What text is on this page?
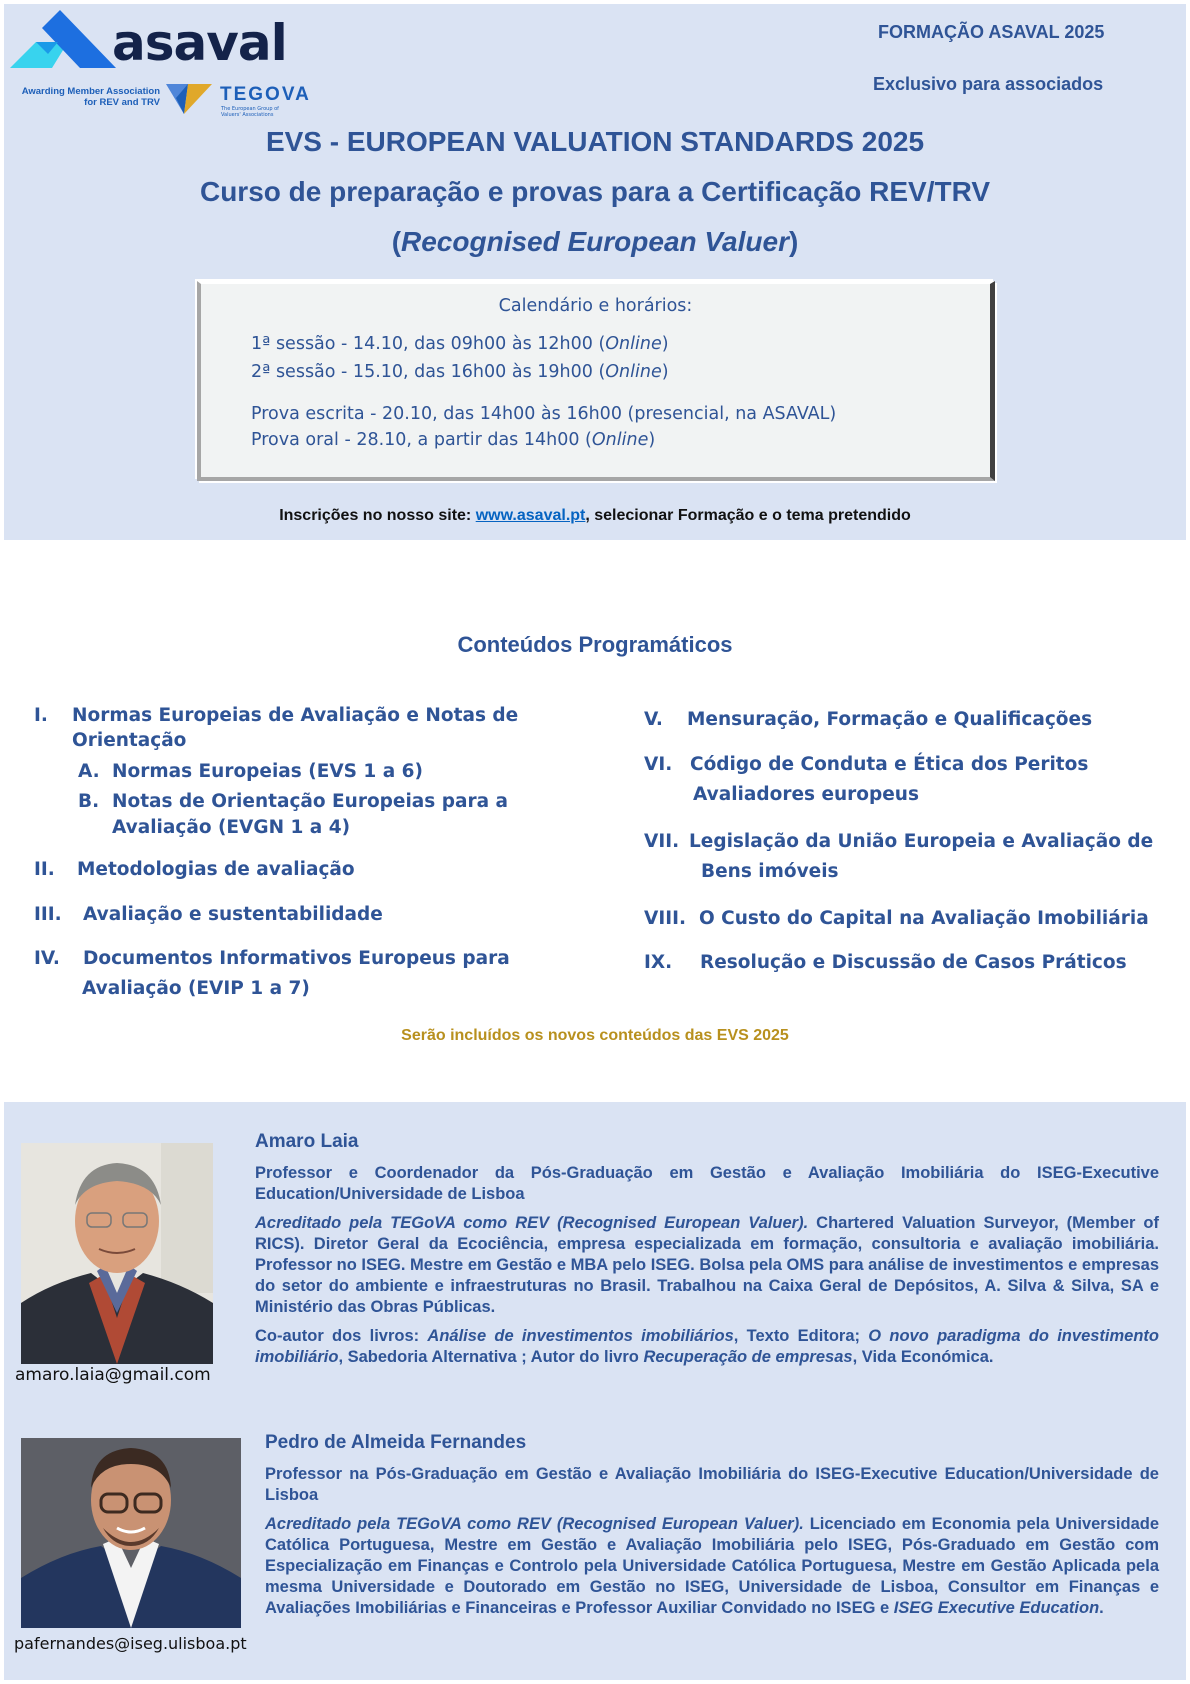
asaval
Awarding Member Association
for REV and TRV	TEGOVA
The European Group of Valuers' Associations
FORMAÇÃO ASAVAL 2025
Exclusivo para associados
EVS - EUROPEAN VALUATION STANDARDS 2025
Curso de preparação e provas para a Certificação REV/TRV
(Recognised European Valuer)
Calendário e horários:
1ª sessão - 14.10, das 09h00 às 12h00 (Online)
2ª sessão - 15.10, das 16h00 às 19h00 (Online)
Prova escrita - 20.10, das 14h00 às 16h00 (presencial, na ASAVAL)
Prova oral - 28.10, a partir das 14h00 (Online)
Inscrições no nosso site: www.asaval.pt, selecionar Formação e o tema pretendido
Conteúdos Programáticos
I. Normas Europeias de Avaliação e Notas de
Orientação
A. Normas Europeias (EVS 1 a 6)
B. Notas de Orientação Europeias para a
Avaliação (EVGN 1 a 4)
II. Metodologias de avaliação
III. Avaliação e sustentabilidade
IV. Documentos Informativos Europeus para
Avaliação (EVIP 1 a 7)
V. Mensuração, Formação e Qualificações
VI. Código de Conduta e Ética dos Peritos
Avaliadores europeus
VII. Legislação da União Europeia e Avaliação de
Bens imóveis
VIII. O Custo do Capital na Avaliação Imobiliária
IX. Resolução e Discussão de Casos Práticos
Serão incluídos os novos conteúdos das EVS 2025
amaro.laia@gmail.com
Amaro Laia

Professor e Coordenador da Pós-Graduação em Gestão e Avaliação Imobiliária do ISEG-Executive Education/Universidade de Lisboa

Acreditado pela TEGoVA como REV (Recognised European Valuer). Chartered Valuation Surveyor, (Member of RICS). Diretor Geral da Ecociência, empresa especializada em formação, consultoria e avaliação imobiliária. Professor no ISEG. Mestre em Gestão e MBA pelo ISEG. Bolsa pela OMS para análise de investimentos e empresas do setor do ambiente e infraestruturas no Brasil. Trabalhou na Caixa Geral de Depósitos, A. Silva & Silva, SA e Ministério das Obras Públicas.

Co-autor dos livros: Análise de investimentos imobiliários, Texto Editora; O novo paradigma do investimento imobiliário, Sabedoria Alternativa ; Autor do livro Recuperação de empresas, Vida Económica.

pafernandes@iseg.ulisboa.pt
Pedro de Almeida Fernandes

Professor na Pós-Graduação em Gestão e Avaliação Imobiliária do ISEG-Executive Education/Universidade de Lisboa

Acreditado pela TEGoVA como REV (Recognised European Valuer). Licenciado em Economia pela Universidade Católica Portuguesa, Mestre em Gestão e Avaliação Imobiliária pelo ISEG, Pós-Graduado em Gestão com Especialização em Finanças e Controlo pela Universidade Católica Portuguesa, Mestre em Gestão Aplicada pela mesma Universidade e Doutorado em Gestão no ISEG, Universidade de Lisboa, Consultor em Finanças e Avaliações Imobiliárias e Financeiras e Professor Auxiliar Convidado no ISEG e ISEG Executive Education.
